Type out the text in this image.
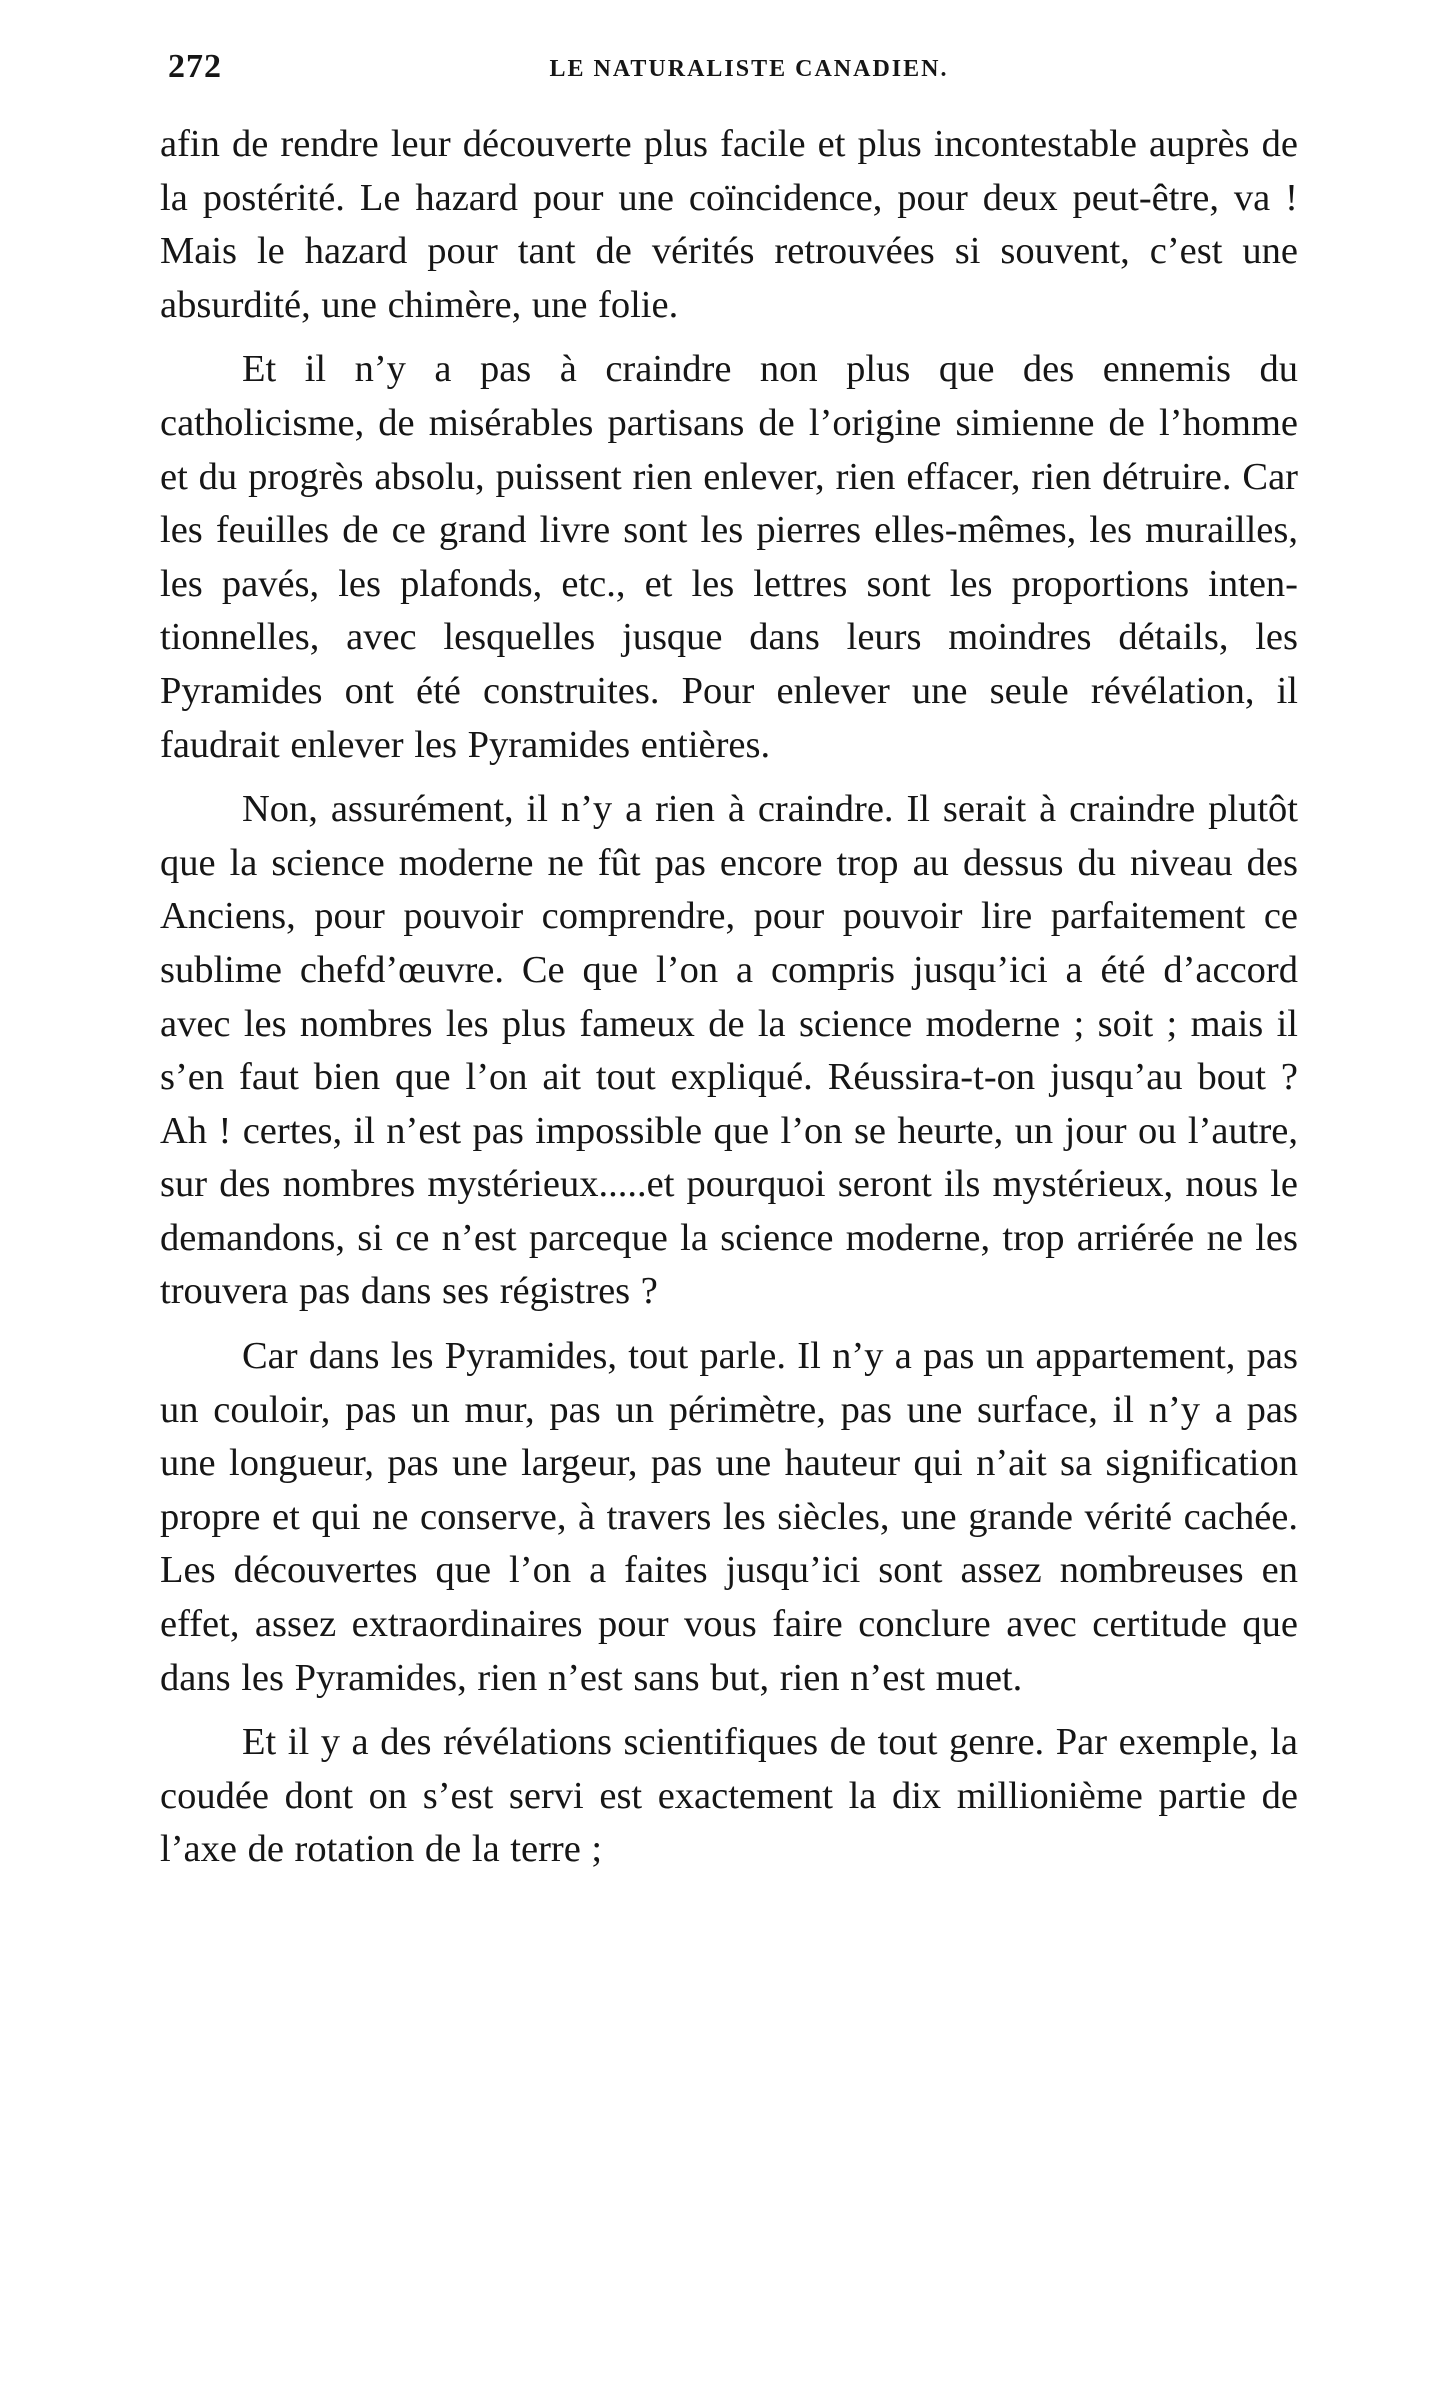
272	LE NATURALISTE CANADIEN.

afin de rendre leur découverte plus facile et plus incontestable auprès de la postérité. Le hazard pour une coïncidence, pour deux peut-être, va ! Mais le hazard pour tant de vérités retrouvées si souvent, c’est une absurdité, une chimère, une folie.

Et il n’y a pas à craindre non plus que des ennemis du catholicisme, de misérables partisans de l’origine simienne de l’homme et du progrès absolu, puissent rien enlever, rien effacer, rien détruire. Car les feuilles de ce grand livre sont les pierres elles-mêmes, les murailles, les pavés, les plafonds, etc., et les lettres sont les proportions intentionnelles, avec lesquelles jusque dans leurs moindres détails, les Pyramides ont été construites. Pour enlever une seule révélation, il faudrait enlever les Pyramides entières.

Non, assurément, il n’y a rien à craindre. Il serait à craindre plutôt que la science moderne ne fût pas encore trop au dessus du niveau des Anciens, pour pouvoir comprendre, pour pouvoir lire parfaitement ce sublime chefd’œuvre. Ce que l’on a compris jusqu’ici a été d’accord avec les nombres les plus fameux de la science moderne ; soit ; mais il s’en faut bien que l’on ait tout expliqué. Réussira-t-on jusqu’au bout ? Ah ! certes, il n’est pas impossible que l’on se heurte, un jour ou l’autre, sur des nombres mystérieux.....et pourquoi seront ils mystérieux, nous le demandons, si ce n’est parceque la science moderne, trop arriérée ne les trouvera pas dans ses régistres ?

Car dans les Pyramides, tout parle. Il n’y a pas un appartement, pas un couloir, pas un mur, pas un périmètre, pas une surface, il n’y a pas une longueur, pas une largeur, pas une hauteur qui n’ait sa signification propre et qui ne conserve, à travers les siècles, une grande vérité cachée. Les découvertes que l’on a faites jusqu’ici sont assez nombreuses en effet, assez extraordinaires pour vous faire conclure avec certitude que dans les Pyramides, rien n’est sans but, rien n’est muet.

Et il y a des révélations scientifiques de tout genre. Par exemple, la coudée dont on s’est servi est exactement la dix millionième partie de l’axe de rotation de la terre ;
